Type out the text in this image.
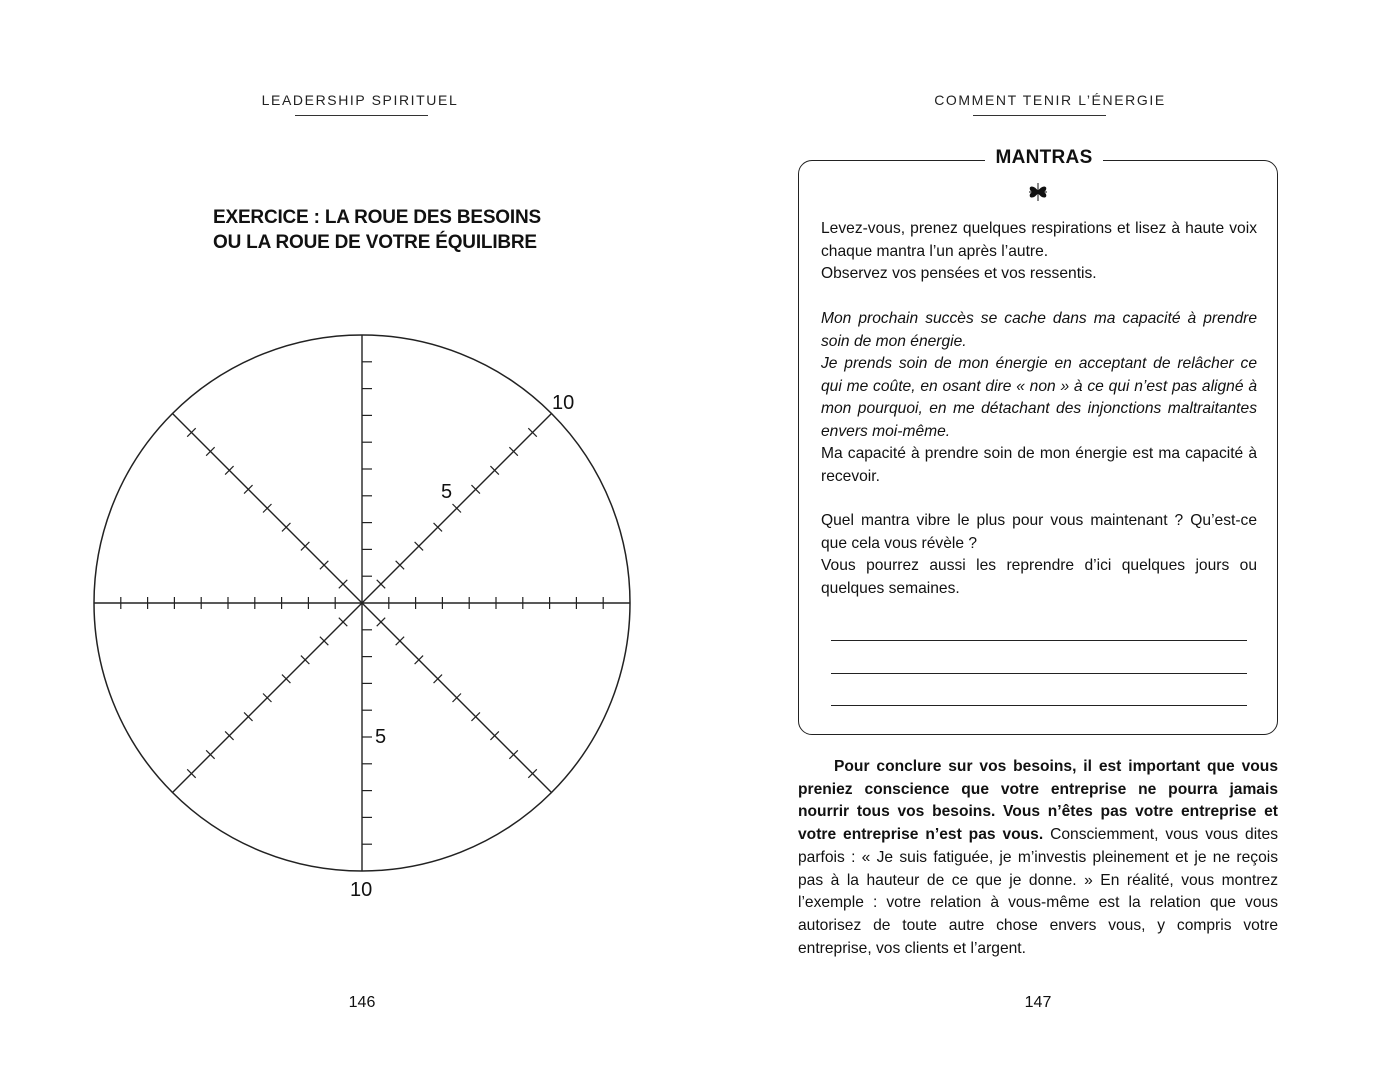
LEADERSHIP SPIRITUEL
EXERCICE : LA ROUE DES BESOINS
OU LA ROUE DE VOTRE ÉQUILIBRE
10
5
5
10
146
COMMENT TENIR L’ÉNERGIE
MANTRAS

Levez-vous, prenez quelques respirations et lisez à haute voix chaque mantra l’un après l’autre.

Observez vos pensées et vos ressentis.

Mon prochain succès se cache dans ma capacité à prendre soin de mon énergie.

Je prends soin de mon énergie en acceptant de relâcher ce qui me coûte, en osant dire « non » à ce qui n’est pas aligné à mon pourquoi, en me détachant des injonctions maltraitantes envers moi-même.

Ma capacité à prendre soin de mon énergie est ma capacité à recevoir.

Quel mantra vibre le plus pour vous maintenant ? Qu’est-ce que cela vous révèle ?

Vous pourrez aussi les reprendre d’ici quelques jours ou quelques semaines.

Pour conclure sur vos besoins, il est important que vous preniez conscience que votre entreprise ne pourra jamais nourrir tous vos besoins. Vous n’êtes pas votre entreprise et votre entreprise n’est pas vous. Consciemment, vous vous dites parfois : « Je suis fatiguée, je m’investis pleinement et je ne reçois pas à la hauteur de ce que je donne. » En réalité, vous montrez l’exemple : votre relation à vous-même est la relation que vous autorisez de toute autre chose envers vous, y compris votre entreprise, vos clients et l’argent.
147
